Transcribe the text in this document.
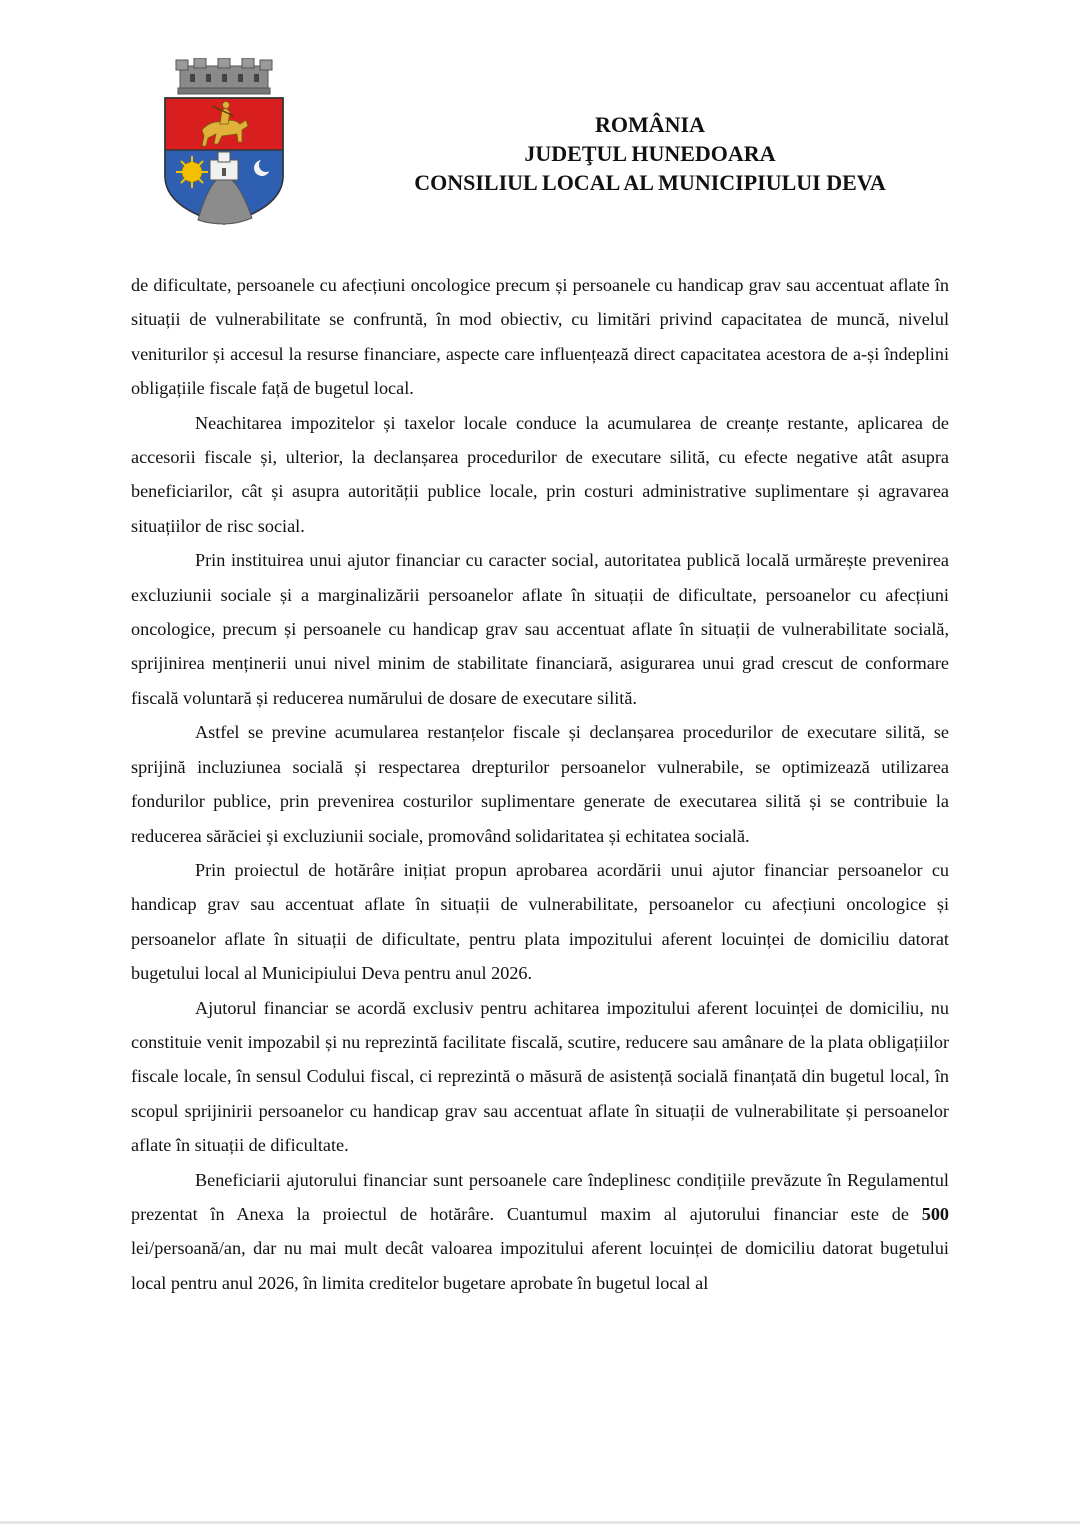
ROMÂNIA
JUDEŢUL HUNEDOARA
CONSILIUL LOCAL AL MUNICIPIULUI DEVA

de dificultate, persoanele cu afecțiuni oncologice precum și persoanele cu handicap grav sau accentuat aflate în situații de vulnerabilitate se confruntă, în mod obiectiv, cu limitări privind capacitatea de muncă, nivelul veniturilor și accesul la resurse financiare, aspecte care influențează direct capacitatea acestora de a-și îndeplini obligațiile fiscale față de bugetul local.

Neachitarea impozitelor și taxelor locale conduce la acumularea de creanțe restante, aplicarea de accesorii fiscale și, ulterior, la declanșarea procedurilor de executare silită, cu efecte negative atât asupra beneficiarilor, cât și asupra autorității publice locale, prin costuri administrative suplimentare și agravarea situațiilor de risc social.

Prin instituirea unui ajutor financiar cu caracter social, autoritatea publică locală urmărește prevenirea excluziunii sociale și a marginalizării persoanelor aflate în situații de dificultate, persoanelor cu afecțiuni oncologice, precum și persoanele cu handicap grav sau accentuat aflate în situații de vulnerabilitate socială, sprijinirea menținerii unui nivel minim de stabilitate financiară, asigurarea unui grad crescut de conformare fiscală voluntară și reducerea numărului de dosare de executare silită.

Astfel se previne acumularea restanțelor fiscale și declanșarea procedurilor de executare silită, se sprijină incluziunea socială și respectarea drepturilor persoanelor vulnerabile, se optimizează utilizarea fondurilor publice, prin prevenirea costurilor suplimentare generate de executarea silită și se contribuie la reducerea sărăciei și excluziunii sociale, promovând solidaritatea și echitatea socială.

Prin proiectul de hotărâre inițiat propun aprobarea acordării unui ajutor financiar persoanelor cu handicap grav sau accentuat aflate în situații de vulnerabilitate, persoanelor cu afecțiuni oncologice și persoanelor aflate în situații de dificultate, pentru plata impozitului aferent locuinței de domiciliu datorat bugetului local al Municipiului Deva pentru anul 2026.

Ajutorul financiar se acordă exclusiv pentru achitarea impozitului aferent locuinței de domiciliu, nu constituie venit impozabil și nu reprezintă facilitate fiscală, scutire, reducere sau amânare de la plata obligațiilor fiscale locale, în sensul Codului fiscal, ci reprezintă o măsură de asistență socială finanțată din bugetul local, în scopul sprijinirii persoanelor cu handicap grav sau accentuat aflate în situații de vulnerabilitate și persoanelor aflate în situații de dificultate.

Beneficiarii ajutorului financiar sunt persoanele care îndeplinesc condițiile prevăzute în Regulamentul prezentat în Anexa la proiectul de hotărâre. Cuantumul maxim al ajutorului financiar este de 500 lei/persoană/an, dar nu mai mult decât valoarea impozitului aferent locuinței de domiciliu datorat bugetului local pentru anul 2026, în limita creditelor bugetare aprobate în bugetul local al
